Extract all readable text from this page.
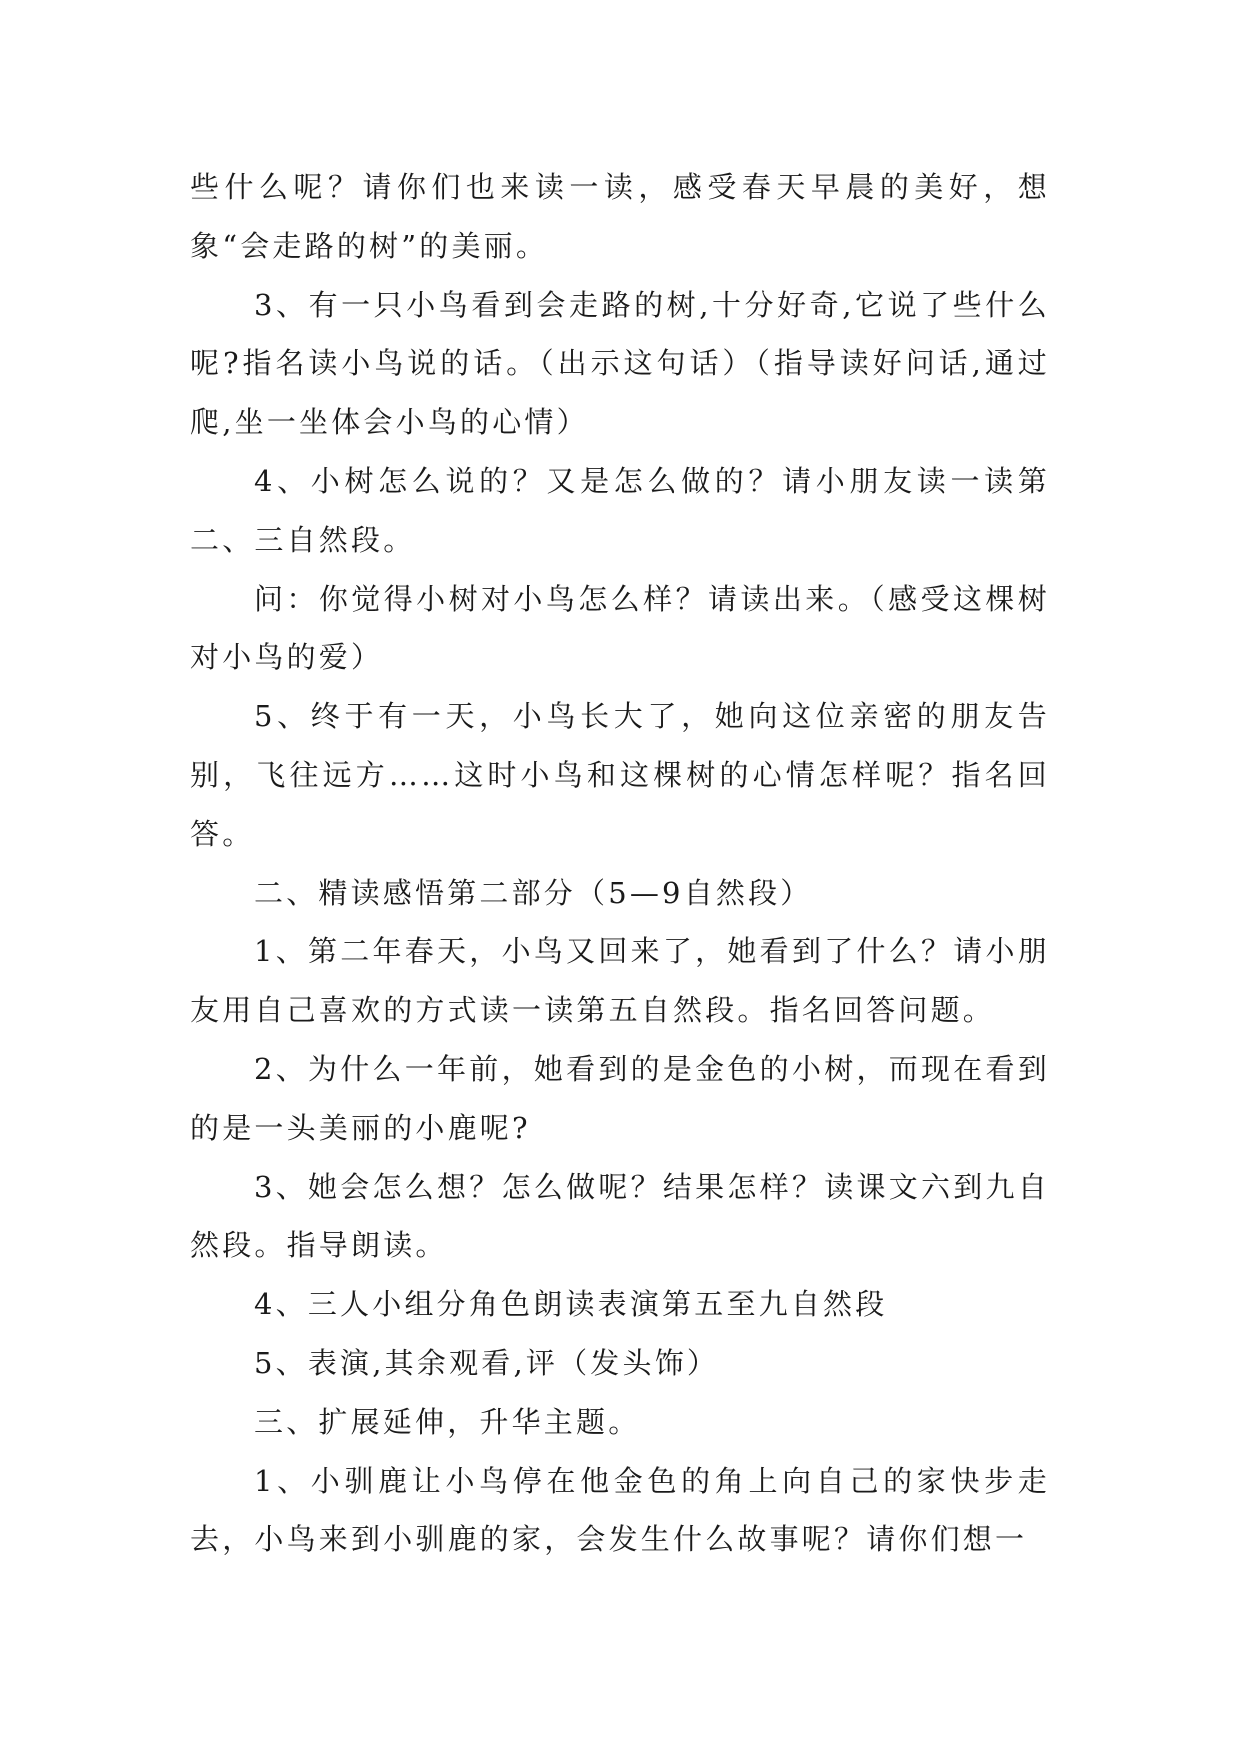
些什么呢？请你们也来读一读，感受春天早晨的美好，想象“会走路的树”的美丽。

3、有一只小鸟看到会走路的树,十分好奇,它说了些什么呢?指名读小鸟说的话。（出示这句话）（指导读好问话,通过爬,坐一坐体会小鸟的心情）

4、小树怎么说的？又是怎么做的？请小朋友读一读第二、三自然段。

问：你觉得小树对小鸟怎么样？请读出来。（感受这棵树对小鸟的爱）

5、终于有一天，小鸟长大了，她向这位亲密的朋友告别，飞往远方……这时小鸟和这棵树的心情怎样呢？指名回答。

二、精读感悟第二部分（5—9自然段）

1、第二年春天，小鸟又回来了，她看到了什么？请小朋友用自己喜欢的方式读一读第五自然段。指名回答问题。

2、为什么一年前，她看到的是金色的小树，而现在看到的是一头美丽的小鹿呢?

3、她会怎么想？怎么做呢？结果怎样？读课文六到九自然段。指导朗读。

4、三人小组分角色朗读表演第五至九自然段

5、表演,其余观看,评（发头饰）

三、扩展延伸，升华主题。

1、小驯鹿让小鸟停在他金色的角上向自己的家快步走去，小鸟来到小驯鹿的家，会发生什么故事呢？请你们想一
